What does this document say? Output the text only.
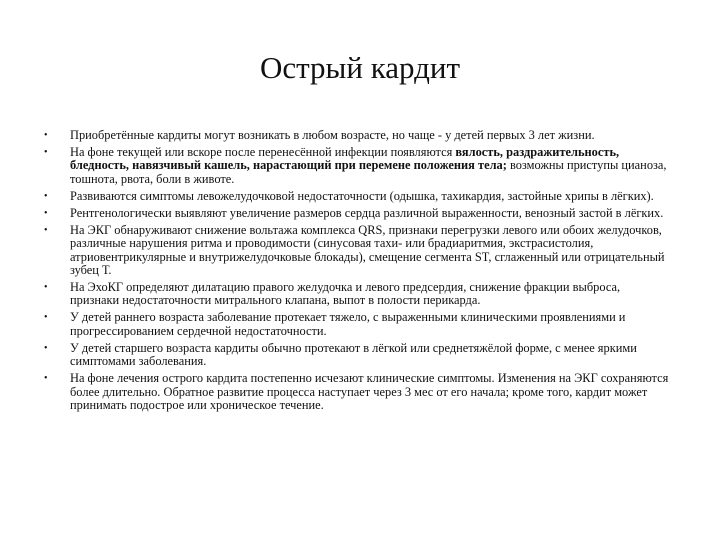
Острый кардит
• Приобретённые кардиты могут возникать в любом возрасте, но чаще - у детей первых 3 лет жизни.
• На фоне текущей или вскоре после перенесённой инфекции появляются вялость, раздражительность, бледность, навязчивый кашель, нарастающий при перемене положения тела; возможны приступы цианоза, тошнота, рвота, боли в животе.
• Развиваются симптомы левожелудочковой недостаточности (одышка, тахикардия, застойные хрипы в лёгких).
• Рентгенологически выявляют увеличение размеров сердца различной выраженности, венозный застой в лёгких.
• На ЭКГ обнаруживают снижение вольтажа комплекса QRS, признаки перегрузки левого или обоих желудочков, различные нарушения ритма и проводимости (синусовая тахи- или брадиаритмия, экстрасистолия, атриовентрикулярные и внутрижелудочковые блокады), смещение сегмента ST, сглаженный или отрицательный зубец Т.
• На ЭхоКГ определяют дилатацию правого желудочка и левого предсердия, снижение фракции выброса, признаки недостаточности митрального клапана, выпот в полости перикарда.
• У детей раннего возраста заболевание протекает тяжело, с выраженными клиническими проявлениями и прогрессированием сердечной недостаточности.
• У детей старшего возраста кардиты обычно протекают в лёгкой или среднетяжёлой форме, с менее яркими симптомами заболевания.
• На фоне лечения острого кардита постепенно исчезают клинические симптомы. Изменения на ЭКГ сохраняются более длительно. Обратное развитие процесса наступает через 3 мес от его начала; кроме того, кардит может принимать подострое или хроническое течение.
